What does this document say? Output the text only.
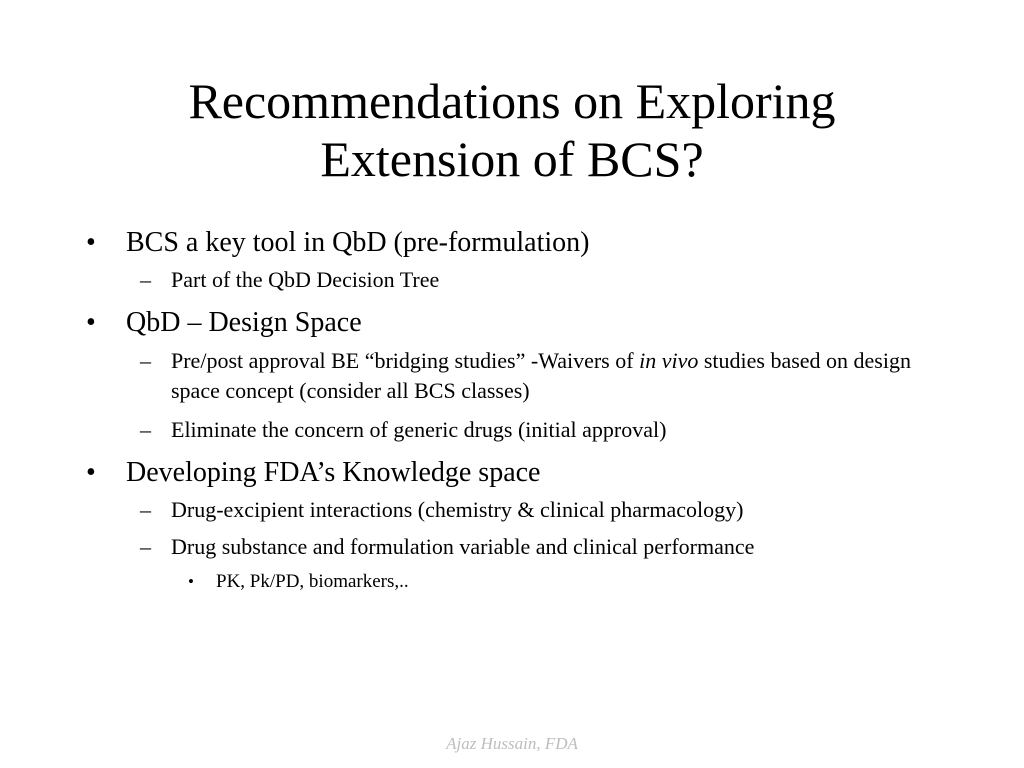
Recommendations on Exploring
Extension of BCS?
• BCS a key tool in QbD (pre-formulation)
– Part of the QbD Decision Tree
• QbD – Design Space
– Pre/post approval BE “bridging studies” -Waivers of in vivo studies based on design space concept (consider all BCS classes)
– Eliminate the concern of generic drugs (initial approval)
• Developing FDA’s Knowledge space
– Drug-excipient interactions (chemistry & clinical pharmacology)
– Drug substance and formulation variable and clinical performance
• PK, Pk/PD, biomarkers,..
Ajaz Hussain, FDA
